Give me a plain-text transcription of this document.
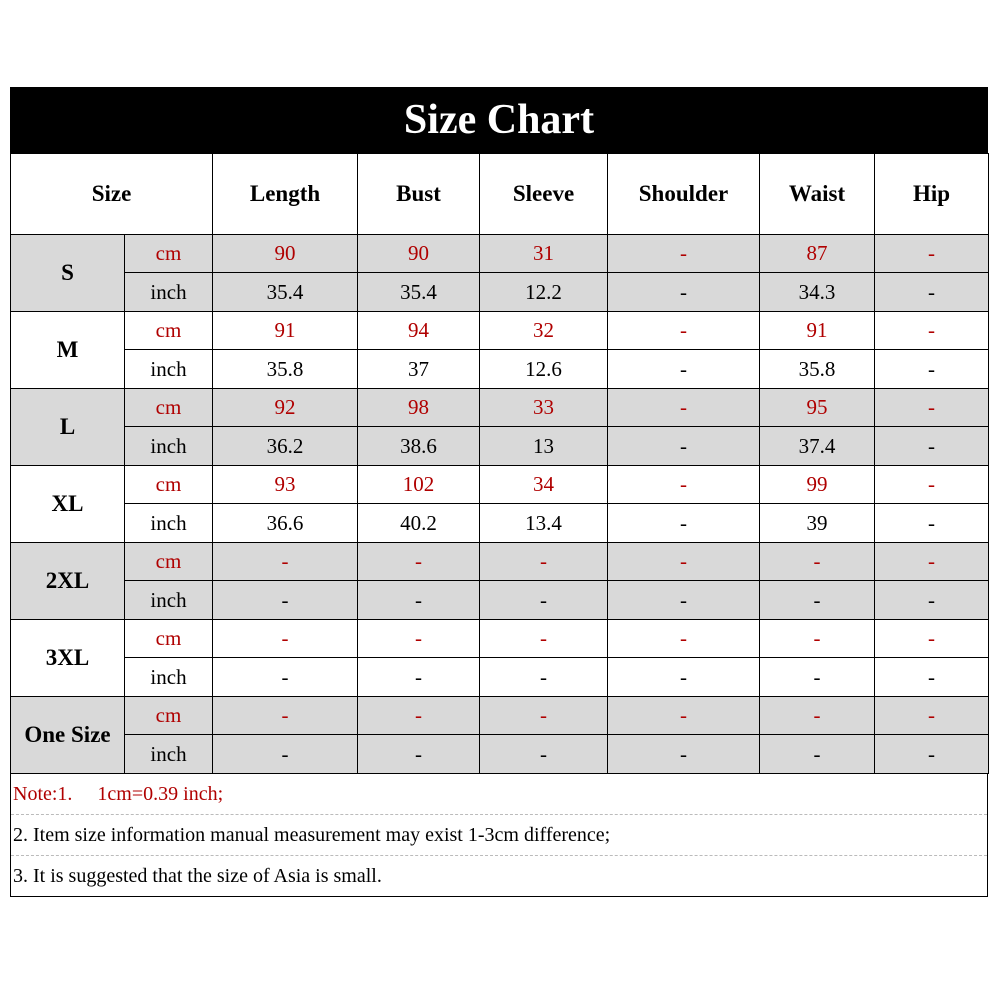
Size Chart
Size		Length	Bust	Sleeve	Shoulder	Waist	Hip
S	cm	90	90	31	-	87	-
	inch	35.4	35.4	12.2	-	34.3	-
M	cm	91	94	32	-	91	-
	inch	35.8	37	12.6	-	35.8	-
L	cm	92	98	33	-	95	-
	inch	36.2	38.6	13	-	37.4	-
XL	cm	93	102	34	-	99	-
	inch	36.6	40.2	13.4	-	39	-
2XL	cm	-	-	-	-	-	-
	inch	-	-	-	-	-	-
3XL	cm	-	-	-	-	-	-
	inch	-	-	-	-	-	-
One Size	cm	-	-	-	-	-	-
	inch	-	-	-	-	-	-
Note:1.     1cm=0.39 inch;
2. Item size information manual measurement may exist 1-3cm difference;
3. It is suggested that the size of Asia is small.
